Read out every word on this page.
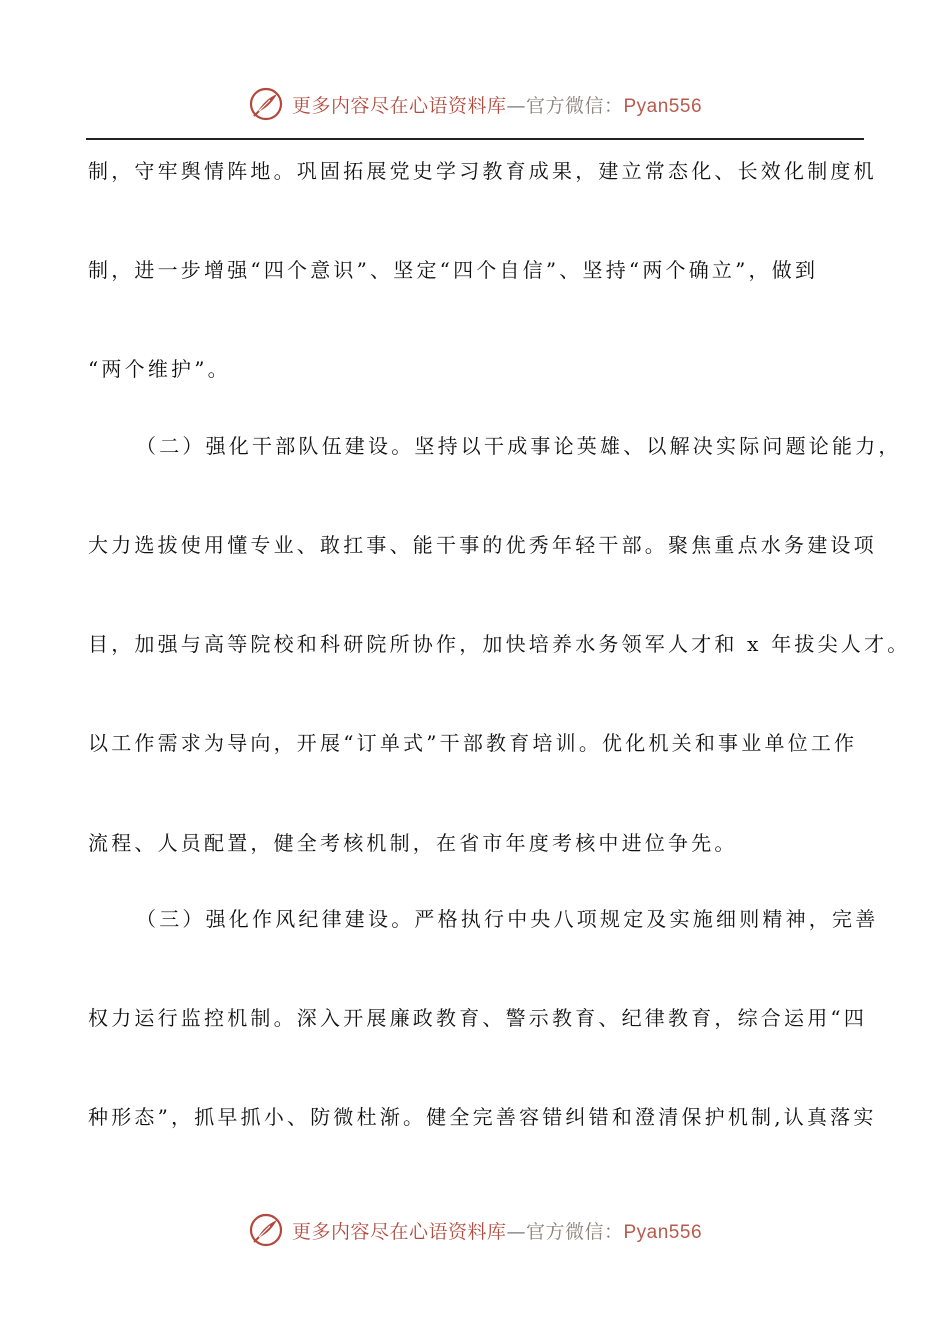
更多内容尽在心语资料库—官方微信：Pyan556
制，守牢舆情阵地。巩固拓展党史学习教育成果，建立常态化、长效化制度机
制，进一步增强“四个意识”、坚定“四个自信”、坚持“两个确立”，做到
“两个维护”。
（二）强化干部队伍建设。坚持以干成事论英雄、以解决实际问题论能力，
大力选拔使用懂专业、敢扛事、能干事的优秀年轻干部。聚焦重点水务建设项
目，加强与高等院校和科研院所协作，加快培养水务领军人才和 x 年拔尖人才。
以工作需求为导向，开展“订单式”干部教育培训。优化机关和事业单位工作
流程、人员配置，健全考核机制，在省市年度考核中进位争先。
（三）强化作风纪律建设。严格执行中央八项规定及实施细则精神，完善
权力运行监控机制。深入开展廉政教育、警示教育、纪律教育，综合运用“四
种形态”，抓早抓小、防微杜渐。健全完善容错纠错和澄清保护机制,认真落实
更多内容尽在心语资料库—官方微信：Pyan556
